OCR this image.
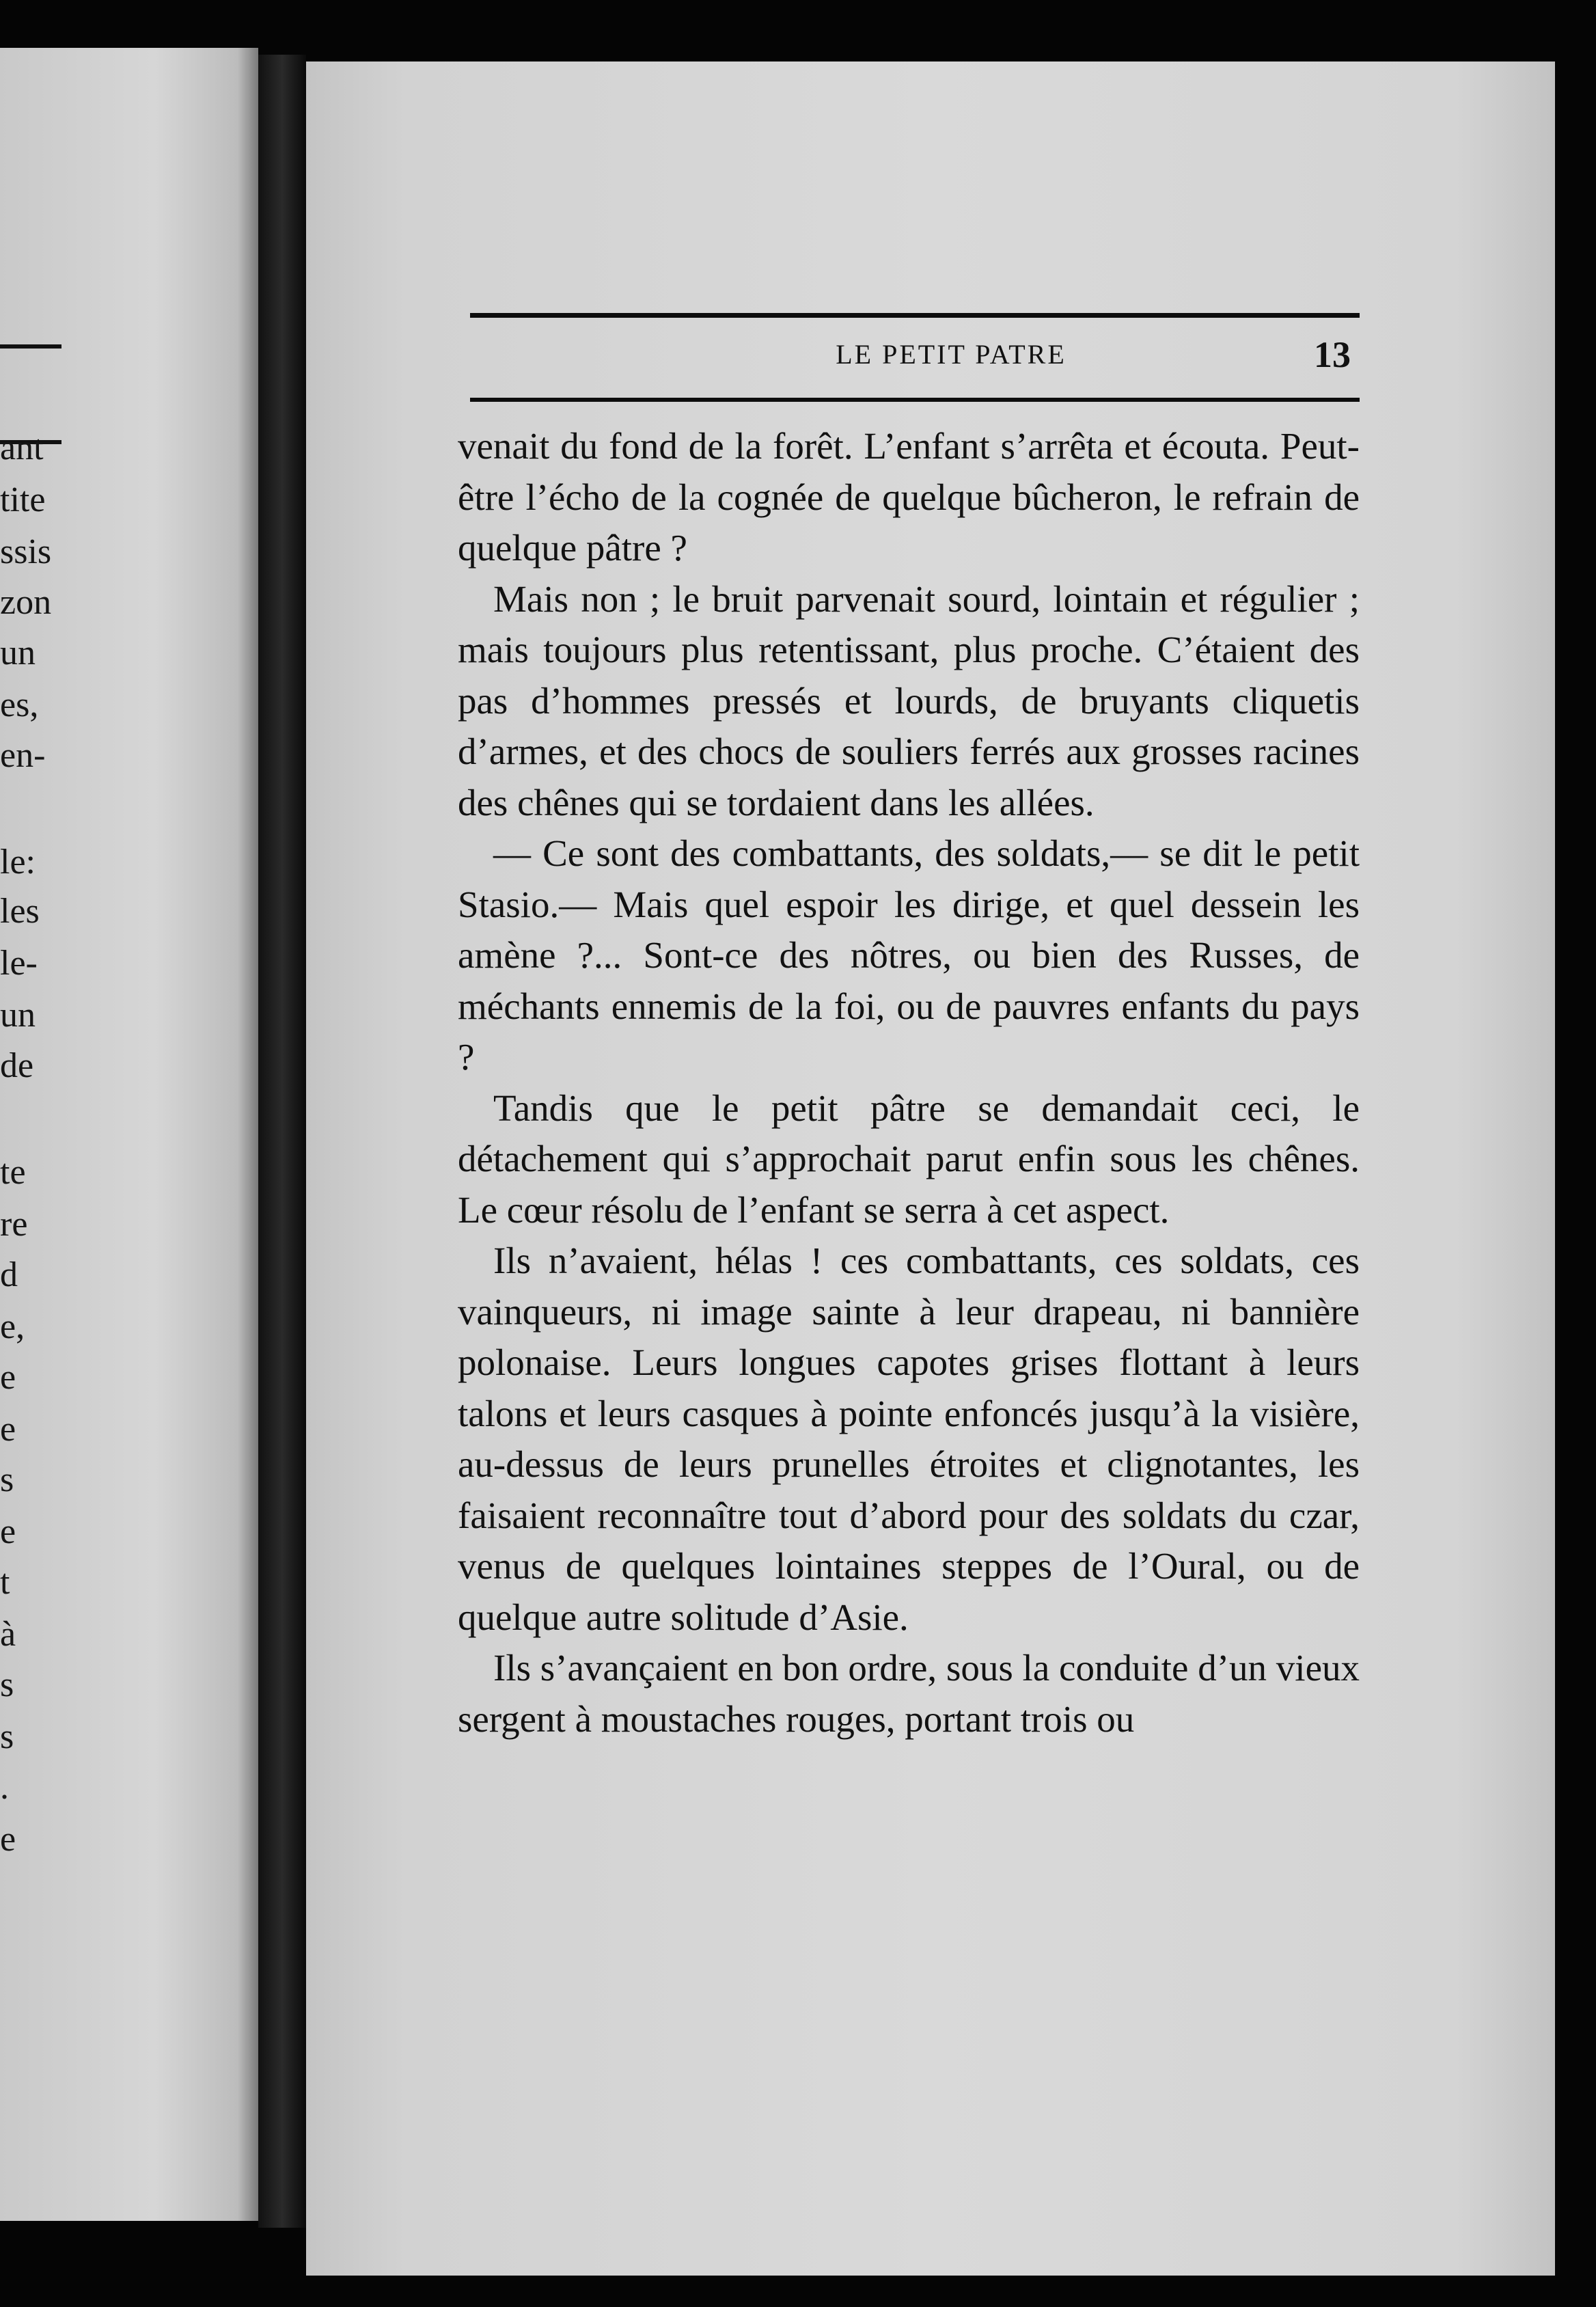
ant
tite
ssis
zon
un
es,
en-
le:
les
le-
un
de
te
re
d
e,
e
e
s
e
t
à
s
s
.
e
LE PETIT PATRE	13

venait du fond de la forêt. L’enfant s’arrêta et écouta. Peut-être l’écho de la cognée de quelque bûcheron, le refrain de quelque pâtre ?

Mais non ; le bruit parvenait sourd, lointain et régulier ; mais toujours plus retentissant, plus proche. C’étaient des pas d’hommes pressés et lourds, de bruyants cliquetis d’armes, et des chocs de souliers ferrés aux grosses racines des chênes qui se tordaient dans les allées.

— Ce sont des combattants, des soldats,— se dit le petit Stasio.— Mais quel espoir les dirige, et quel dessein les amène ?... Sont-ce des nôtres, ou bien des Russes, de méchants ennemis de la foi, ou de pauvres enfants du pays ?

Tandis que le petit pâtre se demandait ceci, le détachement qui s’approchait parut enfin sous les chênes. Le cœur résolu de l’enfant se serra à cet aspect.

Ils n’avaient, hélas ! ces combattants, ces soldats, ces vainqueurs, ni image sainte à leur drapeau, ni bannière polonaise. Leurs longues capotes grises flottant à leurs talons et leurs casques à pointe enfoncés jusqu’à la visière, au-dessus de leurs prunelles étroites et clignotantes, les faisaient reconnaître tout d’abord pour des soldats du czar, venus de quelques lointaines steppes de l’Oural, ou de quelque autre solitude d’Asie.

Ils s’avançaient en bon ordre, sous la conduite d’un vieux sergent à moustaches rouges, portant trois ou
